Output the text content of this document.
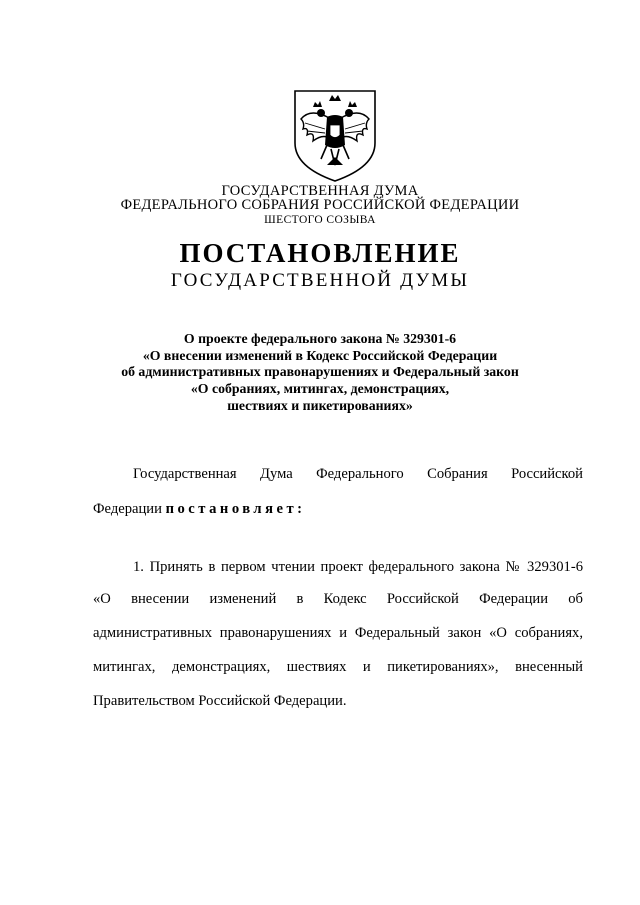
ГОСУДАРСТВЕННАЯ ДУМА
ФЕДЕРАЛЬНОГО СОБРАНИЯ РОССИЙСКОЙ ФЕДЕРАЦИИ
ШЕСТОГО СОЗЫВА
ПОСТАНОВЛЕНИЕ
ГОСУДАРСТВЕННОЙ ДУМЫ
О проекте федерального закона № 329301-6
«О внесении изменений в Кодекс Российской Федерации
об административных правонарушениях и Федеральный закон
«О собраниях, митингах, демонстрациях,
шествиях и пикетированиях»
Государственная Дума Федерального Собрания Российской
Федерации постановляет:
1. Принять в первом чтении проект федерального закона № 329301-6
«О внесении изменений в Кодекс Российской Федерации об
административных правонарушениях и Федеральный закон «О собраниях,
митингах, демонстрациях, шествиях и пикетированиях», внесенный
Правительством Российской Федерации.
